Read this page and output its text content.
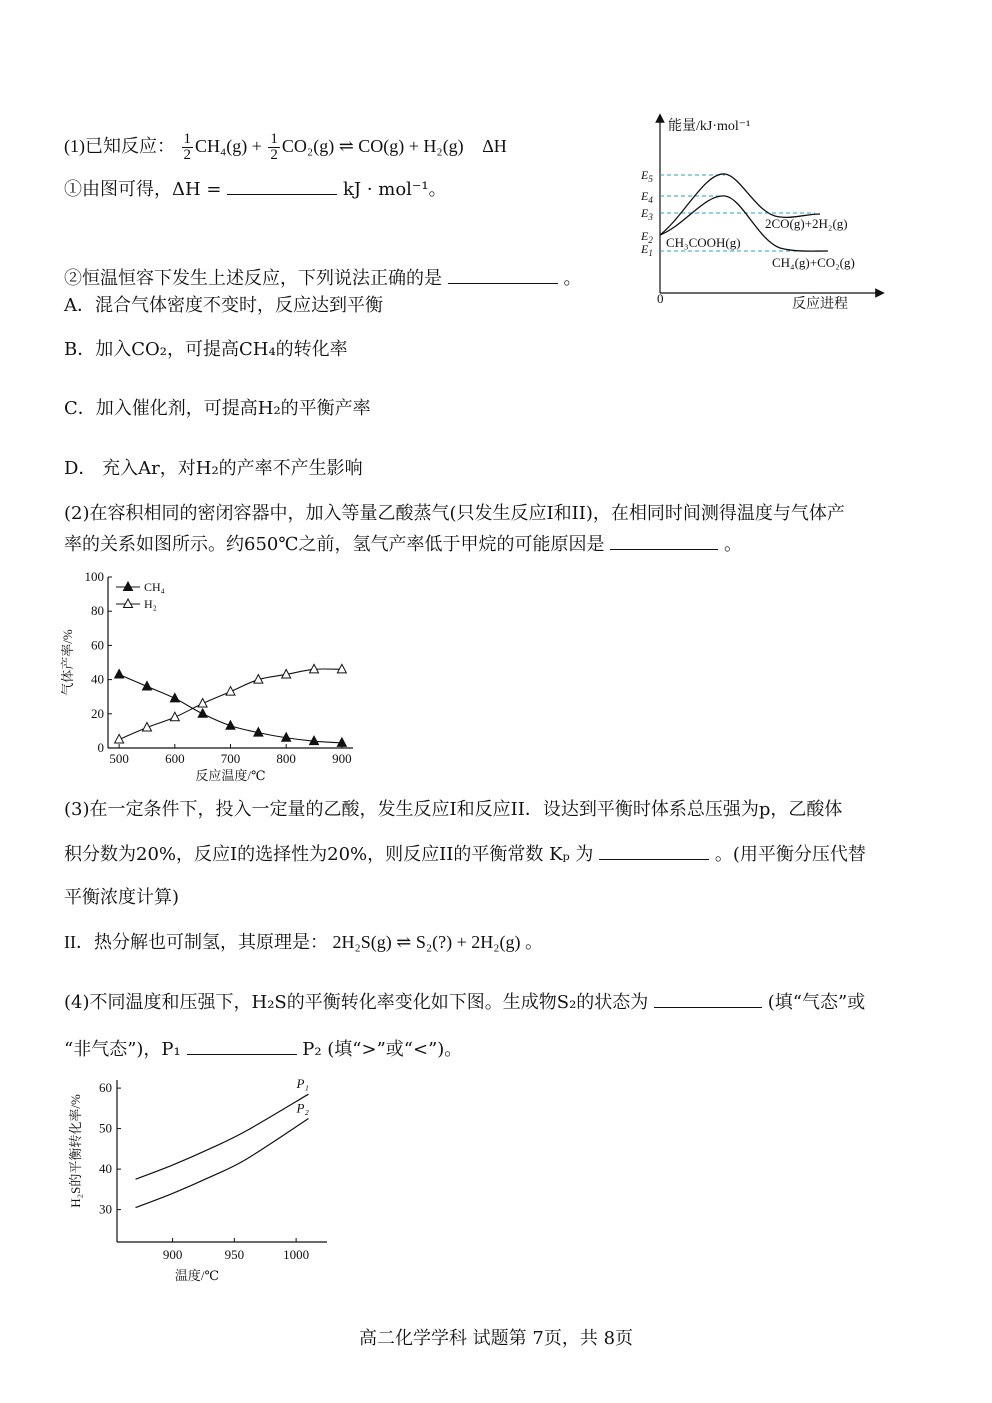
(1)已知反应： $\frac{1}{2} CH_4(g) + \frac{1}{2} CO_2(g)$ ⇌ CO(g) + H₂(g) ΔH
①由图可得，ΔH =	kJ · mol⁻¹。
②恒温恒容下发生上述反应，下列说法正确的是	。
A．混合气体密度不变时，反应达到平衡
B．加入CO₂，可提高CH₄的转化率
C．加入催化剂，可提高H₂的平衡产率
D． 充入Ar，对H₂的产率不产生影响
能量/kJ·mol⁻¹
反应进程
0
$E_5$
$E_4$
$E_3$
$E_2$
$E_1$
2CO(g)+2H₂(g)
CH₃COOH(g)
CH₄(g)+CO₂(g)
(2)在容积相同的密闭容器中，加入等量乙酸蒸气(只发生反应I和II)，在相同时间测得温度与气体产
率的关系如图所示。约650℃之前，氢气产率低于甲烷的可能原因是	。
0
20
40
60
80
100
500	600	700	800	900
反应温度/℃
气体产率/%
CH₄
H₂
(3)在一定条件下，投入一定量的乙酸，发生反应I和反应II．设达到平衡时体系总压强为p，乙酸体
积分数为20%，反应I的选择性为20%，则反应II的平衡常数 Kₚ 为	。(用平衡分压代替
平衡浓度计算)
II．热分解也可制氢，其原理是： 2H₂S(g) ⇌ S₂(?) + 2H₂(g) 。
(4)不同温度和压强下，H₂S的平衡转化率变化如下图。生成物S₂的状态为	(填“气态”或
“非气态”)，P₁	P₂ (填“>”或“<”)。
30
40
50
60
900	950	1000
温度/℃
H₂S的平衡转化率/%
P₁
P₂
高二化学学科 试题第 7页，共 8页
